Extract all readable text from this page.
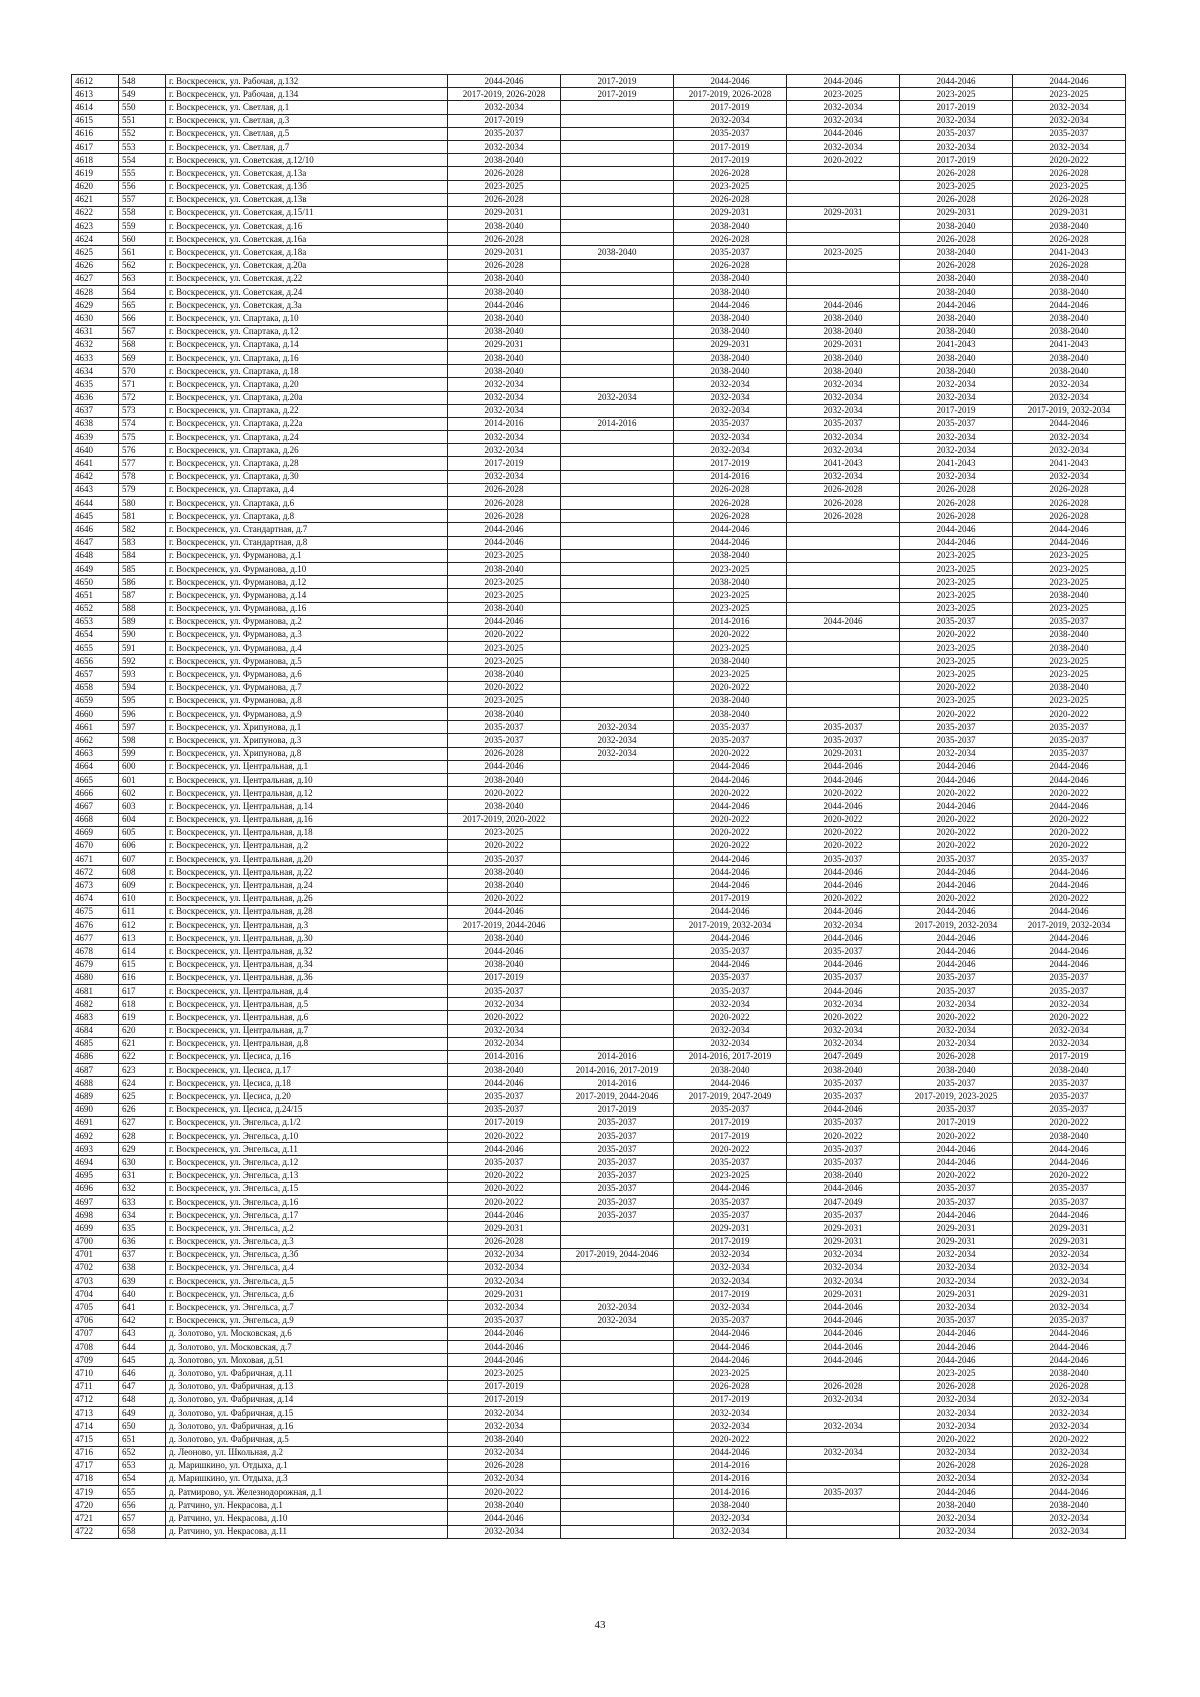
4612	548	г. Воскресенск, ул. Рабочая, д.132	2044-2046	2017-2019	2044-2046	2044-2046	2044-2046	2044-2046
4613	549	г. Воскресенск, ул. Рабочая, д.134	2017-2019, 2026-2028	2017-2019	2017-2019, 2026-2028	2023-2025	2023-2025	2023-2025
4614	550	г. Воскресенск, ул. Светлая, д.1	2032-2034		2017-2019	2032-2034	2017-2019	2032-2034
4615	551	г. Воскресенск, ул. Светлая, д.3	2017-2019		2032-2034	2032-2034	2032-2034	2032-2034
4616	552	г. Воскресенск, ул. Светлая, д.5	2035-2037		2035-2037	2044-2046	2035-2037	2035-2037
4617	553	г. Воскресенск, ул. Светлая, д.7	2032-2034		2017-2019	2032-2034	2032-2034	2032-2034
4618	554	г. Воскресенск, ул. Советская, д.12/10	2038-2040		2017-2019	2020-2022	2017-2019	2020-2022
4619	555	г. Воскресенск, ул. Советская, д.13а	2026-2028		2026-2028		2026-2028	2026-2028
4620	556	г. Воскресенск, ул. Советская, д.13б	2023-2025		2023-2025		2023-2025	2023-2025
4621	557	г. Воскресенск, ул. Советская, д.13в	2026-2028		2026-2028		2026-2028	2026-2028
4622	558	г. Воскресенск, ул. Советская, д.15/11	2029-2031		2029-2031	2029-2031	2029-2031	2029-2031
4623	559	г. Воскресенск, ул. Советская, д.16	2038-2040		2038-2040		2038-2040	2038-2040
4624	560	г. Воскресенск, ул. Советская, д.16а	2026-2028		2026-2028		2026-2028	2026-2028
4625	561	г. Воскресенск, ул. Советская, д.18а	2029-2031	2038-2040	2035-2037	2023-2025	2038-2040	2041-2043
4626	562	г. Воскресенск, ул. Советская, д.20а	2026-2028		2026-2028		2026-2028	2026-2028
4627	563	г. Воскресенск, ул. Советская, д.22	2038-2040		2038-2040		2038-2040	2038-2040
4628	564	г. Воскресенск, ул. Советская, д.24	2038-2040		2038-2040		2038-2040	2038-2040
4629	565	г. Воскресенск, ул. Советская, д.3а	2044-2046		2044-2046	2044-2046	2044-2046	2044-2046
4630	566	г. Воскресенск, ул. Спартака, д.10	2038-2040		2038-2040	2038-2040	2038-2040	2038-2040
4631	567	г. Воскресенск, ул. Спартака, д.12	2038-2040		2038-2040	2038-2040	2038-2040	2038-2040
4632	568	г. Воскресенск, ул. Спартака, д.14	2029-2031		2029-2031	2029-2031	2041-2043	2041-2043
4633	569	г. Воскресенск, ул. Спартака, д.16	2038-2040		2038-2040	2038-2040	2038-2040	2038-2040
4634	570	г. Воскресенск, ул. Спартака, д.18	2038-2040		2038-2040	2038-2040	2038-2040	2038-2040
4635	571	г. Воскресенск, ул. Спартака, д.20	2032-2034		2032-2034	2032-2034	2032-2034	2032-2034
4636	572	г. Воскресенск, ул. Спартака, д.20а	2032-2034	2032-2034	2032-2034	2032-2034	2032-2034	2032-2034
4637	573	г. Воскресенск, ул. Спартака, д.22	2032-2034		2032-2034	2032-2034	2017-2019	2017-2019, 2032-2034
4638	574	г. Воскресенск, ул. Спартака, д.22а	2014-2016	2014-2016	2035-2037	2035-2037	2035-2037	2044-2046
4639	575	г. Воскресенск, ул. Спартака, д.24	2032-2034		2032-2034	2032-2034	2032-2034	2032-2034
4640	576	г. Воскресенск, ул. Спартака, д.26	2032-2034		2032-2034	2032-2034	2032-2034	2032-2034
4641	577	г. Воскресенск, ул. Спартака, д.28	2017-2019		2017-2019	2041-2043	2041-2043	2041-2043
4642	578	г. Воскресенск, ул. Спартака, д.30	2032-2034		2014-2016	2032-2034	2032-2034	2032-2034
4643	579	г. Воскресенск, ул. Спартака, д.4	2026-2028		2026-2028	2026-2028	2026-2028	2026-2028
4644	580	г. Воскресенск, ул. Спартака, д.6	2026-2028		2026-2028	2026-2028	2026-2028	2026-2028
4645	581	г. Воскресенск, ул. Спартака, д.8	2026-2028		2026-2028	2026-2028	2026-2028	2026-2028
4646	582	г. Воскресенск, ул. Стандартная, д.7	2044-2046		2044-2046		2044-2046	2044-2046
4647	583	г. Воскресенск, ул. Стандартная, д.8	2044-2046		2044-2046		2044-2046	2044-2046
4648	584	г. Воскресенск, ул. Фурманова, д.1	2023-2025		2038-2040		2023-2025	2023-2025
4649	585	г. Воскресенск, ул. Фурманова, д.10	2038-2040		2023-2025		2023-2025	2023-2025
4650	586	г. Воскресенск, ул. Фурманова, д.12	2023-2025		2038-2040		2023-2025	2023-2025
4651	587	г. Воскресенск, ул. Фурманова, д.14	2023-2025		2023-2025		2023-2025	2038-2040
4652	588	г. Воскресенск, ул. Фурманова, д.16	2038-2040		2023-2025		2023-2025	2023-2025
4653	589	г. Воскресенск, ул. Фурманова, д.2	2044-2046		2014-2016	2044-2046	2035-2037	2035-2037
4654	590	г. Воскресенск, ул. Фурманова, д.3	2020-2022		2020-2022		2020-2022	2038-2040
4655	591	г. Воскресенск, ул. Фурманова, д.4	2023-2025		2023-2025		2023-2025	2038-2040
4656	592	г. Воскресенск, ул. Фурманова, д.5	2023-2025		2038-2040		2023-2025	2023-2025
4657	593	г. Воскресенск, ул. Фурманова, д.6	2038-2040		2023-2025		2023-2025	2023-2025
4658	594	г. Воскресенск, ул. Фурманова, д.7	2020-2022		2020-2022		2020-2022	2038-2040
4659	595	г. Воскресенск, ул. Фурманова, д.8	2023-2025		2038-2040		2023-2025	2023-2025
4660	596	г. Воскресенск, ул. Фурманова, д.9	2038-2040		2038-2040		2020-2022	2020-2022
4661	597	г. Воскресенск, ул. Хрипунова, д.1	2035-2037	2032-2034	2035-2037	2035-2037	2035-2037	2035-2037
4662	598	г. Воскресенск, ул. Хрипунова, д.3	2035-2037	2032-2034	2035-2037	2035-2037	2035-2037	2035-2037
4663	599	г. Воскресенск, ул. Хрипунова, д.8	2026-2028	2032-2034	2020-2022	2029-2031	2032-2034	2035-2037
4664	600	г. Воскресенск, ул. Центральная, д.1	2044-2046		2044-2046	2044-2046	2044-2046	2044-2046
4665	601	г. Воскресенск, ул. Центральная, д.10	2038-2040		2044-2046	2044-2046	2044-2046	2044-2046
4666	602	г. Воскресенск, ул. Центральная, д.12	2020-2022		2020-2022	2020-2022	2020-2022	2020-2022
4667	603	г. Воскресенск, ул. Центральная, д.14	2038-2040		2044-2046	2044-2046	2044-2046	2044-2046
4668	604	г. Воскресенск, ул. Центральная, д.16	2017-2019, 2020-2022		2020-2022	2020-2022	2020-2022	2020-2022
4669	605	г. Воскресенск, ул. Центральная, д.18	2023-2025		2020-2022	2020-2022	2020-2022	2020-2022
4670	606	г. Воскресенск, ул. Центральная, д.2	2020-2022		2020-2022	2020-2022	2020-2022	2020-2022
4671	607	г. Воскресенск, ул. Центральная, д.20	2035-2037		2044-2046	2035-2037	2035-2037	2035-2037
4672	608	г. Воскресенск, ул. Центральная, д.22	2038-2040		2044-2046	2044-2046	2044-2046	2044-2046
4673	609	г. Воскресенск, ул. Центральная, д.24	2038-2040		2044-2046	2044-2046	2044-2046	2044-2046
4674	610	г. Воскресенск, ул. Центральная, д.26	2020-2022		2017-2019	2020-2022	2020-2022	2020-2022
4675	611	г. Воскресенск, ул. Центральная, д.28	2044-2046		2044-2046	2044-2046	2044-2046	2044-2046
4676	612	г. Воскресенск, ул. Центральная, д.3	2017-2019, 2044-2046		2017-2019, 2032-2034	2032-2034	2017-2019, 2032-2034	2017-2019, 2032-2034
4677	613	г. Воскресенск, ул. Центральная, д.30	2038-2040		2044-2046	2044-2046	2044-2046	2044-2046
4678	614	г. Воскресенск, ул. Центральная, д.32	2044-2046		2035-2037	2035-2037	2044-2046	2044-2046
4679	615	г. Воскресенск, ул. Центральная, д.34	2038-2040		2044-2046	2044-2046	2044-2046	2044-2046
4680	616	г. Воскресенск, ул. Центральная, д.36	2017-2019		2035-2037	2035-2037	2035-2037	2035-2037
4681	617	г. Воскресенск, ул. Центральная, д.4	2035-2037		2035-2037	2044-2046	2035-2037	2035-2037
4682	618	г. Воскресенск, ул. Центральная, д.5	2032-2034		2032-2034	2032-2034	2032-2034	2032-2034
4683	619	г. Воскресенск, ул. Центральная, д.6	2020-2022		2020-2022	2020-2022	2020-2022	2020-2022
4684	620	г. Воскресенск, ул. Центральная, д.7	2032-2034		2032-2034	2032-2034	2032-2034	2032-2034
4685	621	г. Воскресенск, ул. Центральная, д.8	2032-2034		2032-2034	2032-2034	2032-2034	2032-2034
4686	622	г. Воскресенск, ул. Цесиса, д.16	2014-2016	2014-2016	2014-2016, 2017-2019	2047-2049	2026-2028	2017-2019
4687	623	г. Воскресенск, ул. Цесиса, д.17	2038-2040	2014-2016, 2017-2019	2038-2040	2038-2040	2038-2040	2038-2040
4688	624	г. Воскресенск, ул. Цесиса, д.18	2044-2046	2014-2016	2044-2046	2035-2037	2035-2037	2035-2037
4689	625	г. Воскресенск, ул. Цесиса, д.20	2035-2037	2017-2019, 2044-2046	2017-2019, 2047-2049	2035-2037	2017-2019, 2023-2025	2035-2037
4690	626	г. Воскресенск, ул. Цесиса, д.24/15	2035-2037	2017-2019	2035-2037	2044-2046	2035-2037	2035-2037
4691	627	г. Воскресенск, ул. Энгельса, д.1/2	2017-2019	2035-2037	2017-2019	2035-2037	2017-2019	2020-2022
4692	628	г. Воскресенск, ул. Энгельса, д.10	2020-2022	2035-2037	2017-2019	2020-2022	2020-2022	2038-2040
4693	629	г. Воскресенск, ул. Энгельса, д.11	2044-2046	2035-2037	2020-2022	2035-2037	2044-2046	2044-2046
4694	630	г. Воскресенск, ул. Энгельса, д.12	2035-2037	2035-2037	2035-2037	2035-2037	2044-2046	2044-2046
4695	631	г. Воскресенск, ул. Энгельса, д.13	2020-2022	2035-2037	2023-2025	2038-2040	2020-2022	2020-2022
4696	632	г. Воскресенск, ул. Энгельса, д.15	2020-2022	2035-2037	2044-2046	2044-2046	2035-2037	2035-2037
4697	633	г. Воскресенск, ул. Энгельса, д.16	2020-2022	2035-2037	2035-2037	2047-2049	2035-2037	2035-2037
4698	634	г. Воскресенск, ул. Энгельса, д.17	2044-2046	2035-2037	2035-2037	2035-2037	2044-2046	2044-2046
4699	635	г. Воскресенск, ул. Энгельса, д.2	2029-2031		2029-2031	2029-2031	2029-2031	2029-2031
4700	636	г. Воскресенск, ул. Энгельса, д.3	2026-2028		2017-2019	2029-2031	2029-2031	2029-2031
4701	637	г. Воскресенск, ул. Энгельса, д.3б	2032-2034	2017-2019, 2044-2046	2032-2034	2032-2034	2032-2034	2032-2034
4702	638	г. Воскресенск, ул. Энгельса, д.4	2032-2034		2032-2034	2032-2034	2032-2034	2032-2034
4703	639	г. Воскресенск, ул. Энгельса, д.5	2032-2034		2032-2034	2032-2034	2032-2034	2032-2034
4704	640	г. Воскресенск, ул. Энгельса, д.6	2029-2031		2017-2019	2029-2031	2029-2031	2029-2031
4705	641	г. Воскресенск, ул. Энгельса, д.7	2032-2034	2032-2034	2032-2034	2044-2046	2032-2034	2032-2034
4706	642	г. Воскресенск, ул. Энгельса, д.9	2035-2037	2032-2034	2035-2037	2044-2046	2035-2037	2035-2037
4707	643	д. Золотово, ул. Московская, д.6	2044-2046		2044-2046	2044-2046	2044-2046	2044-2046
4708	644	д. Золотово, ул. Московская, д.7	2044-2046		2044-2046	2044-2046	2044-2046	2044-2046
4709	645	д. Золотово, ул. Моховая, д.51	2044-2046		2044-2046	2044-2046	2044-2046	2044-2046
4710	646	д. Золотово, ул. Фабричная, д.11	2023-2025		2023-2025		2023-2025	2038-2040
4711	647	д. Золотово, ул. Фабричная, д.13	2017-2019		2026-2028	2026-2028	2026-2028	2026-2028
4712	648	д. Золотово, ул. Фабричная, д.14	2017-2019		2017-2019	2032-2034	2032-2034	2032-2034
4713	649	д. Золотово, ул. Фабричная, д.15	2032-2034		2032-2034		2032-2034	2032-2034
4714	650	д. Золотово, ул. Фабричная, д.16	2032-2034		2032-2034	2032-2034	2032-2034	2032-2034
4715	651	д. Золотово, ул. Фабричная, д.5	2038-2040		2020-2022		2020-2022	2020-2022
4716	652	д. Леоново, ул. Школьная, д.2	2032-2034		2044-2046	2032-2034	2032-2034	2032-2034
4717	653	д. Маришкино, ул. Отдыха, д.1	2026-2028		2014-2016		2026-2028	2026-2028
4718	654	д. Маришкино, ул. Отдыха, д.3	2032-2034		2014-2016		2032-2034	2032-2034
4719	655	д. Ратмирово, ул. Железнодорожная, д.1	2020-2022		2014-2016	2035-2037	2044-2046	2044-2046
4720	656	д. Ратчино, ул. Некрасова, д.1	2038-2040		2038-2040		2038-2040	2038-2040
4721	657	д. Ратчино, ул. Некрасова, д.10	2044-2046		2032-2034		2032-2034	2032-2034
4722	658	д. Ратчино, ул. Некрасова, д.11	2032-2034		2032-2034		2032-2034	2032-2034
43
